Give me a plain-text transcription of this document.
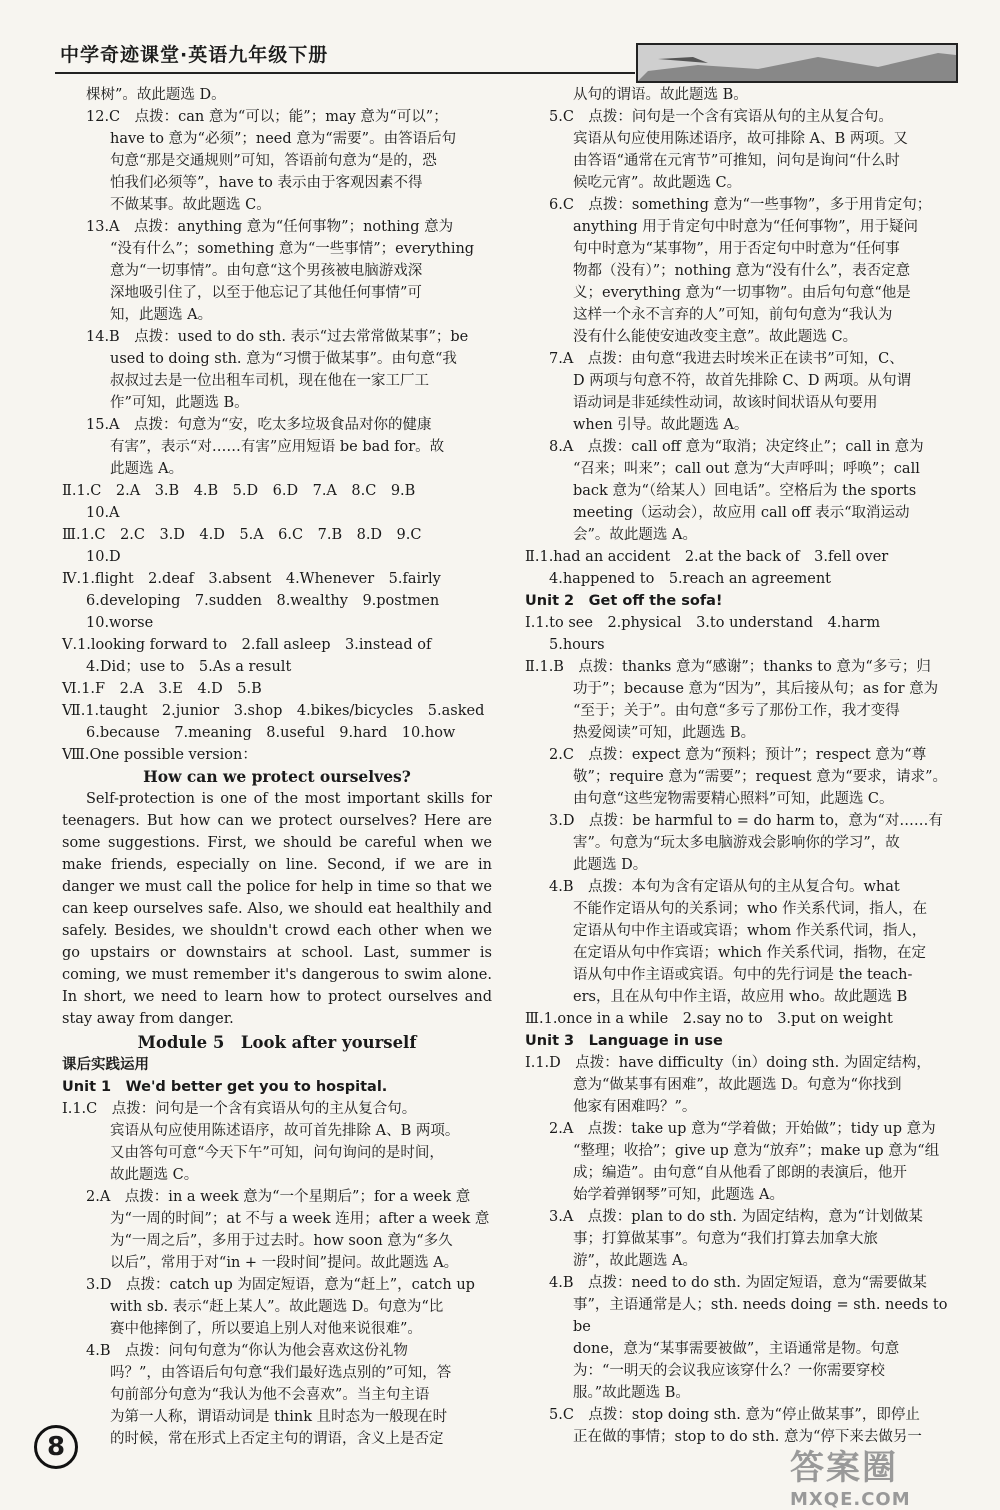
中学奇迹课堂·英语九年级下册

棵树”。故此题选 D。

12.C　点拨：can 意为“可以；能”；may 意为“可以”；

have to 意为“必须”；need 意为“需要”。由答语后句

句意“那是交通规则”可知，答语前句意为“是的，恐

怕我们必须等”，have to 表示由于客观因素不得

不做某事。故此题选 C。

13.A　点拨：anything 意为“任何事物”；nothing 意为

“没有什么”；something 意为“一些事情”；everything

意为“一切事情”。由句意“这个男孩被电脑游戏深

深地吸引住了，以至于他忘记了其他任何事情”可

知，此题选 A。

14.B　点拨：used to do sth. 表示“过去常常做某事”；be

used to doing sth. 意为“习惯于做某事”。由句意“我

叔叔过去是一位出租车司机，现在他在一家工厂工

作”可知，此题选 B。

15.A　点拨：句意为“安，吃太多垃圾食品对你的健康

有害”，表示“对……有害”应用短语 be bad for。故

此题选 A。

Ⅱ.1.C　2.A　3.B　4.B　5.D　6.D　7.A　8.C　9.B

10.A

Ⅲ.1.C　2.C　3.D　4.D　5.A　6.C　7.B　8.D　9.C

10.D

Ⅳ.1.flight　2.deaf　3.absent　4.Whenever　5.fairly

6.developing　7.sudden　8.wealthy　9.postmen

10.worse

Ⅴ.1.looking forward to　2.fall asleep　3.instead of

4.Did；use to　5.As a result

Ⅵ.1.F　2.A　3.E　4.D　5.B

Ⅶ.1.taught　2.junior　3.shop　4.bikes/bicycles　5.asked

6.because　7.meaning　8.useful　9.hard　10.how

Ⅷ.One possible version：

How can we protect ourselves?

Self-protection is one of the most important skills for teenagers. But how can we protect ourselves? Here are some suggestions. First, we should be careful when we make friends, especially on line. Second, if we are in danger we must call the police for help in time so that we can keep ourselves safe. Also, we should eat healthily and safely. Besides, we shouldn't crowd each other when we go upstairs or downstairs at school. Last, summer is coming, we must remember it's dangerous to swim alone. In short, we need to learn how to protect ourselves and stay away from danger.

Module 5　Look after yourself

课后实践运用

Unit 1　We'd better get you to hospital.

Ⅰ.1.C　点拨：问句是一个含有宾语从句的主从复合句。

宾语从句应使用陈述语序，故可首先排除 A、B 两项。

又由答句可意“今天下午”可知，问句询问的是时间，

故此题选 C。

2.A　点拨：in a week 意为“一个星期后”；for a week 意

为“一周的时间”；at 不与 a week 连用；after a week 意

为“一周之后”，多用于过去时。how soon 意为“多久

以后”，常用于对“in + 一段时间”提问。故此题选 A。

3.D　点拨：catch up 为固定短语，意为“赶上”，catch up

with sb. 表示“赶上某人”。故此题选 D。句意为“比

赛中他摔倒了，所以要追上别人对他来说很难”。

4.B　点拨：问句句意为“你认为他会喜欢这份礼物

吗？”，由答语后句句意“我们最好选点别的”可知，答

句前部分句意为“我认为他不会喜欢”。当主句主语

为第一人称，谓语动词是 think 且时态为一般现在时

的时候，常在形式上否定主句的谓语，含义上是否定

从句的谓语。故此题选 B。

5.C　点拨：问句是一个含有宾语从句的主从复合句。

宾语从句应使用陈述语序，故可排除 A、B 两项。又

由答语“通常在元宵节”可推知，问句是询问“什么时

候吃元宵”。故此题选 C。

6.C　点拨：something 意为“一些事物”，多于用肯定句；

anything 用于肯定句中时意为“任何事物”，用于疑问

句中时意为“某事物”，用于否定句中时意为“任何事

物都（没有）”；nothing 意为“没有什么”，表否定意

义；everything 意为“一切事物”。由后句句意“他是

这样一个永不言弃的人”可知，前句句意为“我认为

没有什么能使安迪改变主意”。故此题选 C。

7.A　点拨：由句意“我进去时埃米正在读书”可知，C、

D 两项与句意不符，故首先排除 C、D 两项。从句谓

语动词是非延续性动词，故该时间状语从句要用

when 引导。故此题选 A。

8.A　点拨：call off 意为“取消；决定终止”；call in 意为

“召来；叫来”；call out 意为“大声呼叫；呼唤”；call

back 意为“（给某人）回电话”。空格后为 the sports

meeting（运动会），故应用 call off 表示“取消运动

会”。故此题选 A。

Ⅱ.1.had an accident　2.at the back of　3.fell over

4.happened to　5.reach an agreement

Unit 2　Get off the sofa!

Ⅰ.1.to see　2.physical　3.to understand　4.harm

5.hours

Ⅱ.1.B　点拨：thanks 意为“感谢”；thanks to 意为“多亏；归

功于”；because 意为“因为”，其后接从句；as for 意为

“至于；关于”。由句意“多亏了那份工作，我才变得

热爱阅读”可知，此题选 B。

2.C　点拨：expect 意为“预料；预计”；respect 意为“尊

敬”；require 意为“需要”；request 意为“要求，请求”。

由句意“这些宠物需要精心照料”可知，此题选 C。

3.D　点拨：be harmful to = do harm to，意为“对……有

害”。句意为“玩太多电脑游戏会影响你的学习”，故

此题选 D。

4.B　点拨：本句为含有定语从句的主从复合句。what

不能作定语从句的关系词；who 作关系代词，指人，在

定语从句中作主语或宾语；whom 作关系代词，指人，

在定语从句中作宾语；which 作关系代词，指物，在定

语从句中作主语或宾语。句中的先行词是 the teach-

ers，且在从句中作主语，故应用 who。故此题选 B

Ⅲ.1.once in a while　2.say no to　3.put on weight

Unit 3　Language in use

Ⅰ.1.D　点拨：have difficulty（in）doing sth. 为固定结构，

意为“做某事有困难”，故此题选 D。句意为“你找到

他家有困难吗？”。

2.A　点拨：take up 意为“学着做；开始做”；tidy up 意为

“整理；收拾”；give up 意为“放弃”；make up 意为“组

成；编造”。由句意“自从他看了郎朗的表演后，他开

始学着弹钢琴”可知，此题选 A。

3.A　点拨：plan to do sth. 为固定结构，意为“计划做某

事；打算做某事”。句意为“我们打算去加拿大旅

游”，故此题选 A。

4.B　点拨：need to do sth. 为固定短语，意为“需要做某

事”，主语通常是人；sth. needs doing = sth. needs to be

done，意为“某事需要被做”，主语通常是物。句意

为：“一明天的会议我应该穿什么？一你需要穿校

服。”故此题选 B。

5.C　点拨：stop doing sth. 意为“停止做某事”，即停止

正在做的事情；stop to do sth. 意为“停下来去做另一

8
答案圈
MXQE.COM
